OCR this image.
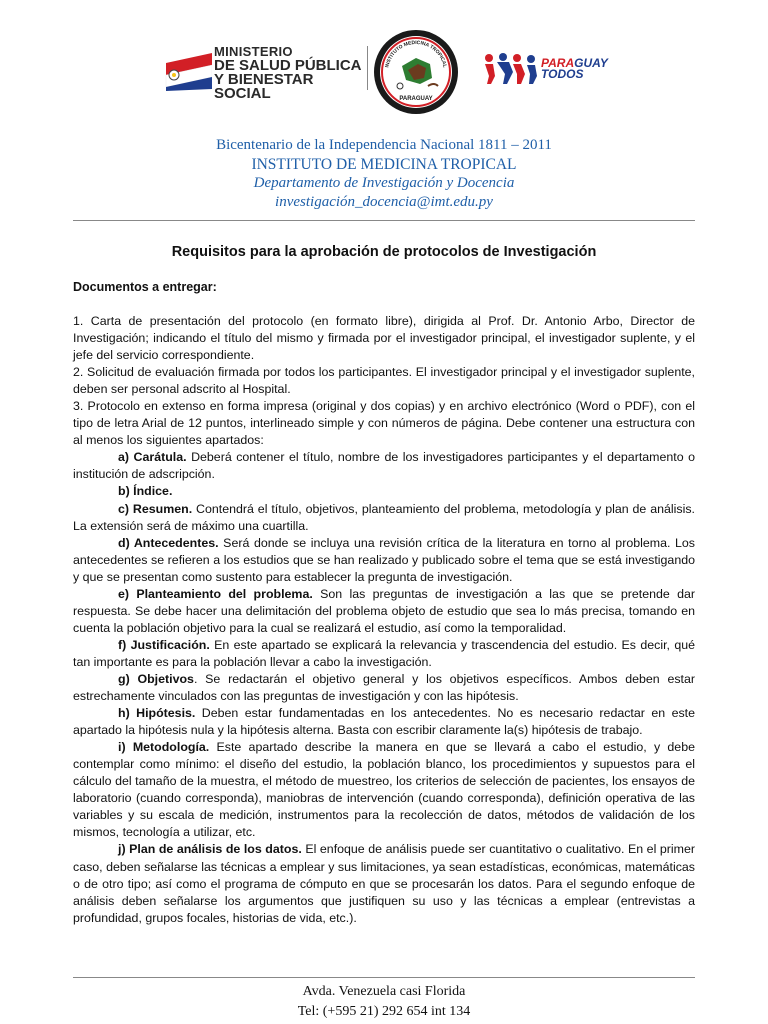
MINISTERIO
DE SALUD PÚBLICA
Y BIENESTAR SOCIAL
INSTITUTO MEDICINA TROPICAL
PARAGUAY
PARAGUAY
TODOS
Bicentenario de la Independencia Nacional 1811 – 2011
INSTITUTO DE MEDICINA TROPICAL
Departamento de Investigación y Docencia
investigación_docencia@imt.edu.py
Requisitos para la aprobación de protocolos de Investigación
Documentos a entregar:

1. Carta de presentación del protocolo (en formato libre), dirigida al Prof. Dr. Antonio Arbo, Director de Investigación; indicando el título del mismo y firmada por el investigador principal, el investigador suplente, y el jefe del servicio correspondiente.

2. Solicitud de evaluación firmada por todos los participantes. El investigador principal y el investigador suplente, deben ser personal adscrito al Hospital.

3. Protocolo en extenso en forma impresa (original y dos copias) y en archivo electrónico (Word o PDF), con el tipo de letra Arial de 12 puntos, interlineado simple y con números de página. Debe contener una estructura con al menos los siguientes apartados:

a) Carátula. Deberá contener el título, nombre de los investigadores participantes y el departamento o institución de adscripción.

b) Índice.

c) Resumen. Contendrá el título, objetivos, planteamiento del problema, metodología y plan de análisis. La extensión será de máximo una cuartilla.

d) Antecedentes. Será donde se incluya una revisión crítica de la literatura en torno al problema. Los antecedentes se refieren a los estudios que se han realizado y publicado sobre el tema que se está investigando y que se presentan como sustento para establecer la pregunta de investigación.

e) Planteamiento del problema. Son las preguntas de investigación a las que se pretende dar respuesta. Se debe hacer una delimitación del problema objeto de estudio que sea lo más precisa, tomando en cuenta la población objetivo para la cual se realizará el estudio, así como la temporalidad.

f) Justificación. En este apartado se explicará la relevancia y trascendencia del estudio. Es decir, qué tan importante es para la población llevar a cabo la investigación.

g) Objetivos. Se redactarán el objetivo general y los objetivos específicos. Ambos deben estar estrechamente vinculados con las preguntas de investigación y con las hipótesis.

h) Hipótesis. Deben estar fundamentadas en los antecedentes. No es necesario redactar en este apartado la hipótesis nula y la hipótesis alterna. Basta con escribir claramente la(s) hipótesis de trabajo.

i) Metodología. Este apartado describe la manera en que se llevará a cabo el estudio, y debe contemplar como mínimo: el diseño del estudio, la población blanco, los procedimientos y supuestos para el cálculo del tamaño de la muestra, el método de muestreo, los criterios de selección de pacientes, los ensayos de laboratorio (cuando corresponda), maniobras de intervención (cuando corresponda), definición operativa de las variables y su escala de medición, instrumentos para la recolección de datos, métodos de validación de los mismos, tecnología a utilizar, etc.

j) Plan de análisis de los datos. El enfoque de análisis puede ser cuantitativo o cualitativo. En el primer caso, deben señalarse las técnicas a emplear y sus limitaciones, ya sean estadísticas, económicas, matemáticas o de otro tipo; así como el programa de cómputo en que se procesarán los datos. Para el segundo enfoque de análisis deben señalarse los argumentos que justifiquen su uso y las técnicas a emplear (entrevistas a profundidad, grupos focales, historias de vida, etc.).

Avda. Venezuela casi Florida
Tel: (+595 21) 292 654 int 134
